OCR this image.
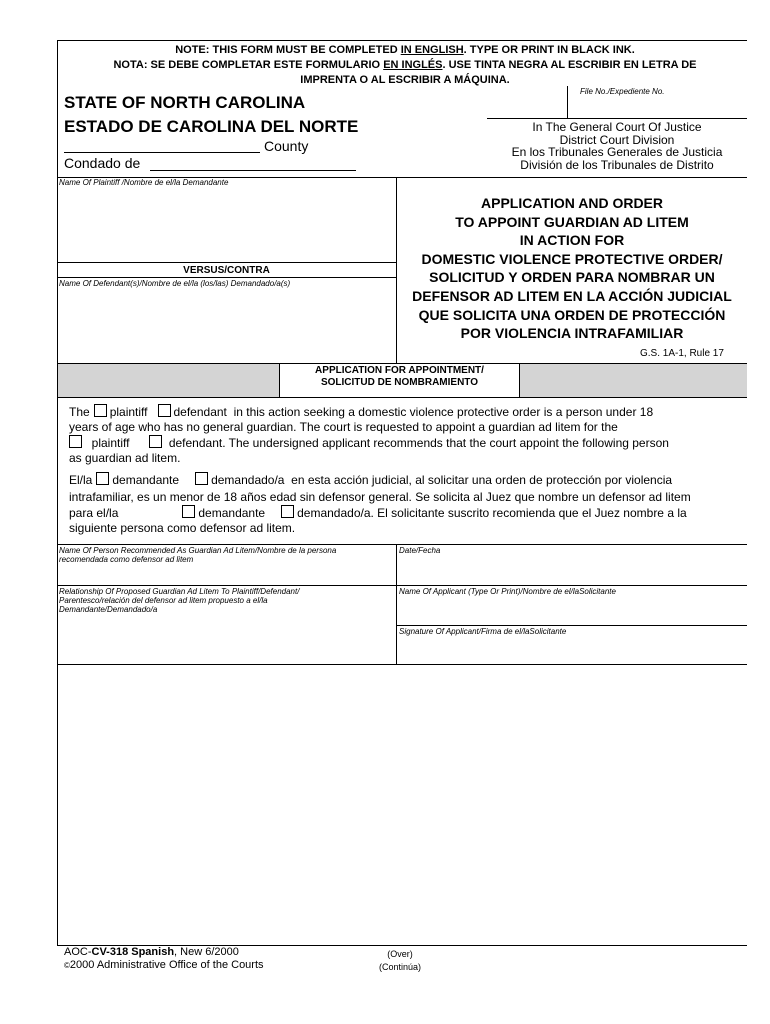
NOTE: THIS FORM MUST BE COMPLETED IN ENGLISH. TYPE OR PRINT IN BLACK INK.
NOTA: SE DEBE COMPLETAR ESTE FORMULARIO EN INGLÉS. USE TINTA NEGRA AL ESCRIBIR EN LETRA DE
IMPRENTA O AL ESCRIBIR A MÁQUINA.
STATE OF NORTH CAROLINA
ESTADO DE CAROLINA DEL NORTE
County
Condado de
File No./Expediente No.
In The General Court Of Justice
District Court Division
En los Tribunales Generales de Justicia
División de los Tribunales de Distrito
Name Of Plaintiff /Nombre de el/la Demandante
VERSUS/CONTRA
Name Of Defendant(s)/Nombre de el/la (los/las) Demandado/a(s)
APPLICATION AND ORDER
TO APPOINT GUARDIAN AD LITEM
IN ACTION FOR
DOMESTIC VIOLENCE PROTECTIVE ORDER/
SOLICITUD Y ORDEN PARA NOMBRAR UN
DEFENSOR AD LITEM EN LA ACCIÓN JUDICIAL
QUE SOLICITA UNA ORDEN DE PROTECCIÓN
POR VIOLENCIA INTRAFAMILIAR
G.S. 1A-1, Rule 17
APPLICATION FOR APPOINTMENT/
SOLICITUD DE NOMBRAMIENTO
The plaintiff defendant in this action seeking a domestic violence protective order is a person under 18
years of age who has no general guardian. The court is requested to appoint a guardian ad litem for the
plaintiff	defendant. The undersigned applicant recommends that the court appoint the following person
as guardian ad litem.
El/la demandante	demandado/a en esta acción judicial, al solicitar una orden de protección por violencia
intrafamiliar, es un menor de 18 años edad sin defensor general. Se solicita al Juez que nombre un defensor ad litem
para el/la	demandante	demandado/a. El solicitante suscrito recomienda que el Juez nombre a la
siguiente persona como defensor ad litem.
Name Of Person Recommended As Guardian Ad Litem/Nombre de la persona recomendada como defensor ad litem
Date/Fecha
Relationship Of Proposed Guardian Ad Litem To Plaintiff/Defendant/ Parentesco/relación del defensor ad litem propuesto a el/la Demandante/Demandado/a
Name Of Applicant (Type Or Print)/Nombre de el/laSolicitante
Signature Of Applicant/Firma de el/laSolicitante
AOC-CV-318 Spanish, New 6/2000
©2000 Administrative Office of the Courts
(Over)
(Continúa)
